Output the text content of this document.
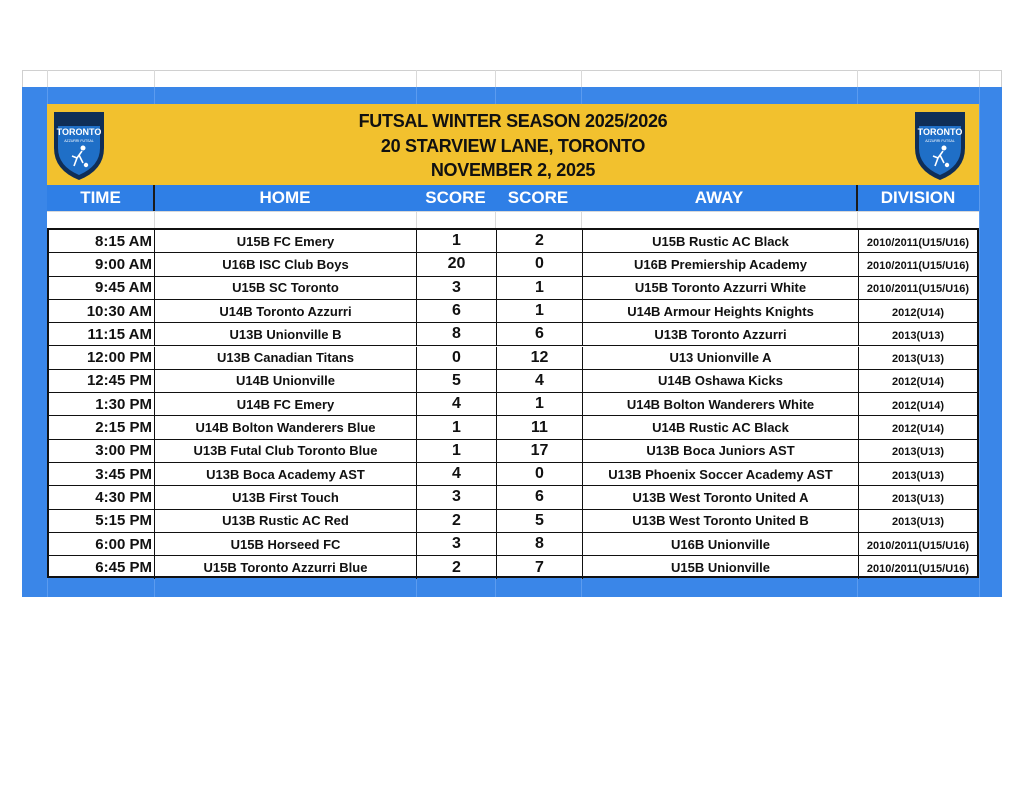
FUTSAL WINTER SEASON 2025/2026
20 STARVIEW LANE, TORONTO
NOVEMBER 2, 2025
TORONTO
AZZURRI FUTSAL
TORONTO
AZZURRI FUTSAL
TIME	HOME	SCORE	SCORE	AWAY	DIVISION
8:15 AM	U15B FC Emery	1	2	U15B Rustic AC Black	2010/2011(U15/U16)
9:00 AM	U16B ISC Club Boys	20	0	U16B Premiership Academy	2010/2011(U15/U16)
9:45 AM	U15B SC Toronto	3	1	U15B Toronto Azzurri White	2010/2011(U15/U16)
10:30 AM	U14B Toronto Azzurri	6	1	U14B Armour Heights Knights	2012(U14)
11:15 AM	U13B Unionville B	8	6	U13B Toronto Azzurri	2013(U13)
12:00 PM	U13B Canadian Titans	0	12	U13 Unionville A	2013(U13)
12:45 PM	U14B Unionville	5	4	U14B Oshawa Kicks	2012(U14)
1:30 PM	U14B FC Emery	4	1	U14B Bolton Wanderers White	2012(U14)
2:15 PM	U14B Bolton Wanderers Blue	1	11	U14B Rustic AC Black	2012(U14)
3:00 PM	U13B Futal Club Toronto Blue	1	17	U13B Boca Juniors AST	2013(U13)
3:45 PM	U13B Boca Academy AST	4	0	U13B Phoenix Soccer Academy AST	2013(U13)
4:30 PM	U13B First Touch	3	6	U13B West Toronto United A	2013(U13)
5:15 PM	U13B Rustic AC Red	2	5	U13B West Toronto United B	2013(U13)
6:00 PM	U15B Horseed FC	3	8	U16B Unionville	2010/2011(U15/U16)
6:45 PM	U15B Toronto Azzurri Blue	2	7	U15B Unionville	2010/2011(U15/U16)
